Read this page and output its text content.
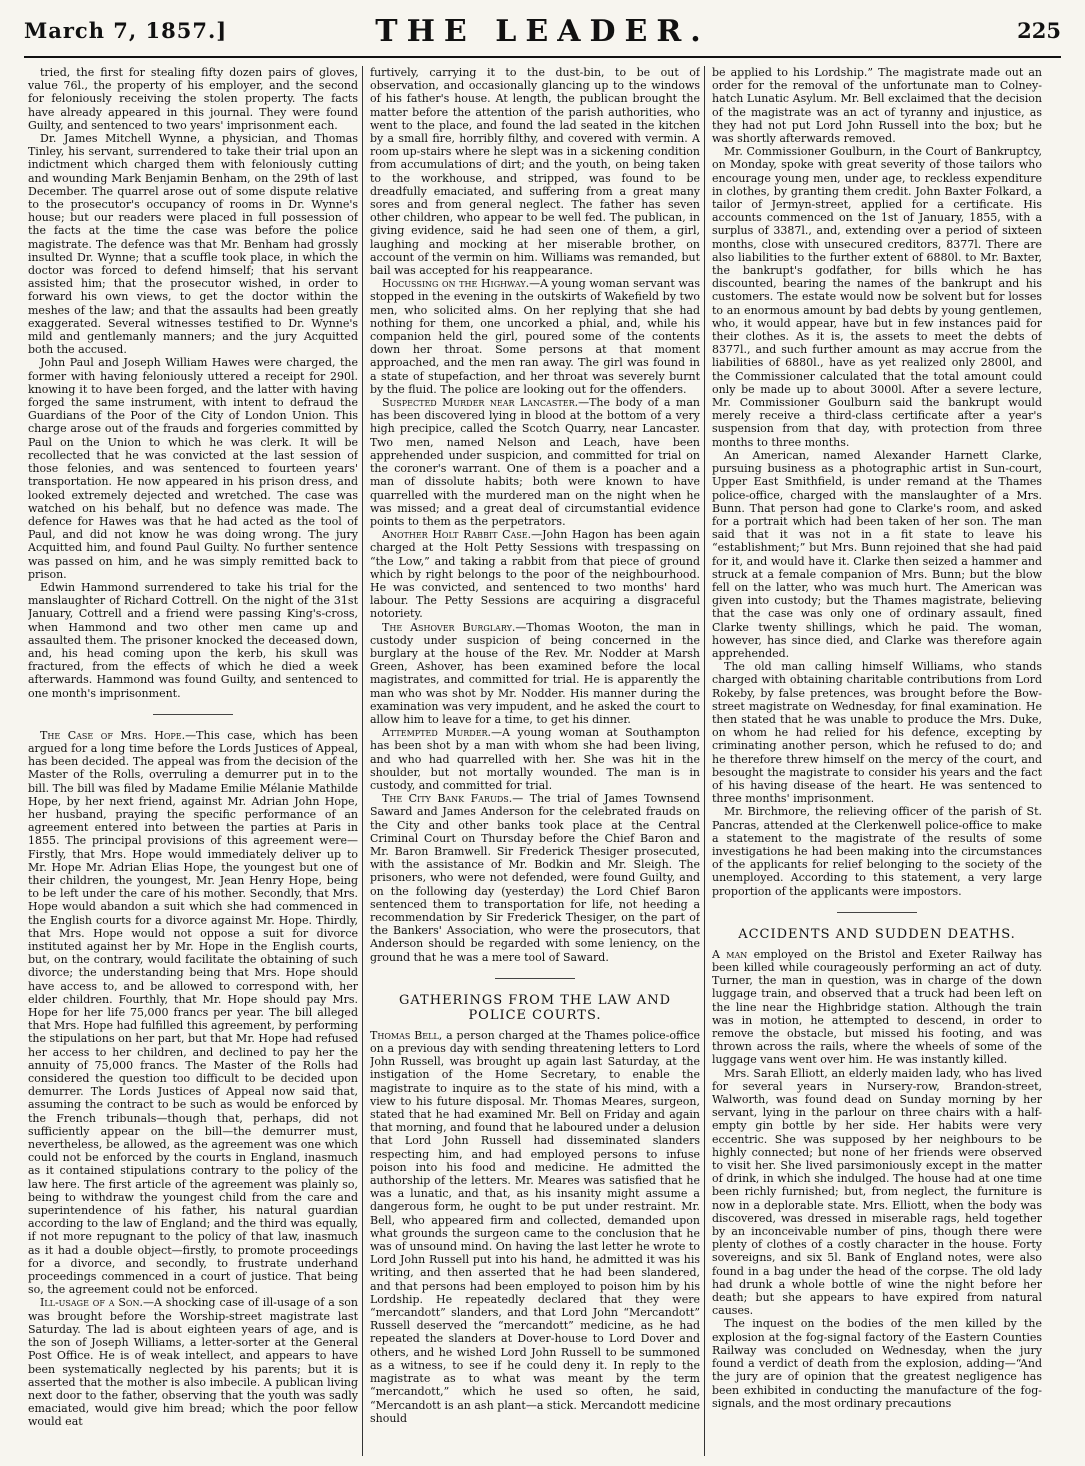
March 7, 1857.]	THE LEADER.	225

tried, the first for stealing fifty dozen pairs of gloves, value 76l., the property of his employer, and the second for feloniously receiving the stolen property. The facts have already appeared in this journal. They were found Guilty, and sentenced to two years' imprisonment each.

Dr. James Mitchell Wynne, a physician, and Thomas Tinley, his servant, surrendered to take their trial upon an indictment which charged them with feloniously cutting and wounding Mark Benjamin Benham, on the 29th of last December. The quarrel arose out of some dispute relative to the prosecutor's occupancy of rooms in Dr. Wynne's house; but our readers were placed in full possession of the facts at the time the case was before the police magistrate. The defence was that Mr. Benham had grossly insulted Dr. Wynne; that a scuffle took place, in which the doctor was forced to defend himself; that his servant assisted him; that the prosecutor wished, in order to forward his own views, to get the doctor within the meshes of the law; and that the assaults had been greatly exaggerated. Several witnesses testified to Dr. Wynne's mild and gentlemanly manners; and the jury Acquitted both the accused.

John Paul and Joseph William Hawes were charged, the former with having feloniously uttered a receipt for 290l. knowing it to have been forged, and the latter with having forged the same instrument, with intent to defraud the Guardians of the Poor of the City of London Union. This charge arose out of the frauds and forgeries committed by Paul on the Union to which he was clerk. It will be recollected that he was convicted at the last session of those felonies, and was sentenced to fourteen years' transportation. He now appeared in his prison dress, and looked extremely dejected and wretched. The case was watched on his behalf, but no defence was made. The defence for Hawes was that he had acted as the tool of Paul, and did not know he was doing wrong. The jury Acquitted him, and found Paul Guilty. No further sentence was passed on him, and he was simply remitted back to prison.

Edwin Hammond surrendered to take his trial for the manslaughter of Richard Cottrell. On the night of the 31st January, Cottrell and a friend were passing King's-cross, when Hammond and two other men came up and assaulted them. The prisoner knocked the deceased down, and, his head coming upon the kerb, his skull was fractured, from the effects of which he died a week afterwards. Hammond was found Guilty, and sentenced to one month's imprisonment.

The Case of Mrs. Hope.—This case, which has been argued for a long time before the Lords Justices of Appeal, has been decided. The appeal was from the decision of the Master of the Rolls, overruling a demurrer put in to the bill. The bill was filed by Madame Emilie Mélanie Mathilde Hope, by her next friend, against Mr. Adrian John Hope, her husband, praying the specific performance of an agreement entered into between the parties at Paris in 1855. The principal provisions of this agreement were—Firstly, that Mrs. Hope would immediately deliver up to Mr. Hope Mr. Adrian Elias Hope, the youngest but one of their children, the youngest, Mr. Jean Henry Hope, being to be left under the care of his mother. Secondly, that Mrs. Hope would abandon a suit which she had commenced in the English courts for a divorce against Mr. Hope. Thirdly, that Mrs. Hope would not oppose a suit for divorce instituted against her by Mr. Hope in the English courts, but, on the contrary, would facilitate the obtaining of such divorce; the understanding being that Mrs. Hope should have access to, and be allowed to correspond with, her elder children. Fourthly, that Mr. Hope should pay Mrs. Hope for her life 75,000 francs per year. The bill alleged that Mrs. Hope had fulfilled this agreement, by performing the stipulations on her part, but that Mr. Hope had refused her access to her children, and declined to pay her the annuity of 75,000 francs. The Master of the Rolls had considered the question too difficult to be decided upon demurrer. The Lords Justices of Appeal now said that, assuming the contract to be such as would be enforced by the French tribunals—though that, perhaps, did not sufficiently appear on the bill—the demurrer must, nevertheless, be allowed, as the agreement was one which could not be enforced by the courts in England, inasmuch as it contained stipulations contrary to the policy of the law here. The first article of the agreement was plainly so, being to withdraw the youngest child from the care and superintendence of his father, his natural guardian according to the law of England; and the third was equally, if not more repugnant to the policy of that law, inasmuch as it had a double object—firstly, to promote proceedings for a divorce, and secondly, to frustrate underhand proceedings commenced in a court of justice. That being so, the agreement could not be enforced.

Ill-usage of a Son.—A shocking case of ill-usage of a son was brought before the Worship-street magistrate last Saturday. The lad is about eighteen years of age, and is the son of Joseph Williams, a letter-sorter at the General Post Office. He is of weak intellect, and appears to have been systematically neglected by his parents; but it is asserted that the mother is also imbecile. A publican living next door to the father, observing that the youth was sadly emaciated, would give him bread; which the poor fellow would eat

furtively, carrying it to the dust-bin, to be out of observation, and occasionally glancing up to the windows of his father's house. At length, the publican brought the matter before the attention of the parish authorities, who went to the place, and found the lad seated in the kitchen by a small fire, horribly filthy, and covered with vermin. A room up-stairs where he slept was in a sickening condition from accumulations of dirt; and the youth, on being taken to the workhouse, and stripped, was found to be dreadfully emaciated, and suffering from a great many sores and from general neglect. The father has seven other children, who appear to be well fed. The publican, in giving evidence, said he had seen one of them, a girl, laughing and mocking at her miserable brother, on account of the vermin on him. Williams was remanded, but bail was accepted for his reappearance.

Hocussing on the Highway.—A young woman servant was stopped in the evening in the outskirts of Wakefield by two men, who solicited alms. On her replying that she had nothing for them, one uncorked a phial, and, while his companion held the girl, poured some of the contents down her throat. Some persons at that moment approached, and the men ran away. The girl was found in a state of stupefaction, and her throat was severely burnt by the fluid. The police are looking out for the offenders.

Suspected Murder near Lancaster.—The body of a man has been discovered lying in blood at the bottom of a very high precipice, called the Scotch Quarry, near Lancaster. Two men, named Nelson and Leach, have been apprehended under suspicion, and committed for trial on the coroner's warrant. One of them is a poacher and a man of dissolute habits; both were known to have quarrelled with the murdered man on the night when he was missed; and a great deal of circumstantial evidence points to them as the perpetrators.

Another Holt Rabbit Case.—John Hagon has been again charged at the Holt Petty Sessions with trespassing on “the Low,” and taking a rabbit from that piece of ground which by right belongs to the poor of the neighbourhood. He was convicted, and sentenced to two months' hard labour. The Petty Sessions are acquiring a disgraceful notoriety.

The Ashover Burglary.—Thomas Wooton, the man in custody under suspicion of being concerned in the burglary at the house of the Rev. Mr. Nodder at Marsh Green, Ashover, has been examined before the local magistrates, and committed for trial. He is apparently the man who was shot by Mr. Nodder. His manner during the examination was very impudent, and he asked the court to allow him to leave for a time, to get his dinner.

Attempted Murder.—A young woman at Southampton has been shot by a man with whom she had been living, and who had quarrelled with her. She was hit in the shoulder, but not mortally wounded. The man is in custody, and committed for trial.

The City Bank Faruds.— The trial of James Townsend Saward and James Anderson for the celebrated frauds on the City and other banks took place at the Central Criminal Court on Thursday before the Chief Baron and Mr. Baron Bramwell. Sir Frederick Thesiger prosecuted, with the assistance of Mr. Bodkin and Mr. Sleigh. The prisoners, who were not defended, were found Guilty, and on the following day (yesterday) the Lord Chief Baron sentenced them to transportation for life, not heeding a recommendation by Sir Frederick Thesiger, on the part of the Bankers' Association, who were the prosecutors, that Anderson should be regarded with some leniency, on the ground that he was a mere tool of Saward.

GATHERINGS FROM THE LAW AND POLICE COURTS.

Thomas Bell, a person charged at the Thames police-office on a previous day with sending threatening letters to Lord John Russell, was brought up again last Saturday, at the instigation of the Home Secretary, to enable the magistrate to inquire as to the state of his mind, with a view to his future disposal. Mr. Thomas Meares, surgeon, stated that he had examined Mr. Bell on Friday and again that morning, and found that he laboured under a delusion that Lord John Russell had disseminated slanders respecting him, and had employed persons to infuse poison into his food and medicine. He admitted the authorship of the letters. Mr. Meares was satisfied that he was a lunatic, and that, as his insanity might assume a dangerous form, he ought to be put under restraint. Mr. Bell, who appeared firm and collected, demanded upon what grounds the surgeon came to the conclusion that he was of unsound mind. On having the last letter he wrote to Lord John Russell put into his hand, he admitted it was his writing, and then asserted that he had been slandered, and that persons had been employed to poison him by his Lordship. He repeatedly declared that they were “mercandott” slanders, and that Lord John “Mercandott” Russell deserved the “mercandott” medicine, as he had repeated the slanders at Dover-house to Lord Dover and others, and he wished Lord John Russell to be summoned as a witness, to see if he could deny it. In reply to the magistrate as to what was meant by the term “mercandott,” which he used so often, he said, “Mercandott is an ash plant—a stick. Mercandott medicine should

be applied to his Lordship.” The magistrate made out an order for the removal of the unfortunate man to Colney-hatch Lunatic Asylum. Mr. Bell exclaimed that the decision of the magistrate was an act of tyranny and injustice, as they had not put Lord John Russell into the box; but he was shortly afterwards removed.

Mr. Commissioner Goulburn, in the Court of Bankruptcy, on Monday, spoke with great severity of those tailors who encourage young men, under age, to reckless expenditure in clothes, by granting them credit. John Baxter Folkard, a tailor of Jermyn-street, applied for a certificate. His accounts commenced on the 1st of January, 1855, with a surplus of 3387l., and, extending over a period of sixteen months, close with unsecured creditors, 8377l. There are also liabilities to the further extent of 6880l. to Mr. Baxter, the bankrupt's godfather, for bills which he has discounted, bearing the names of the bankrupt and his customers. The estate would now be solvent but for losses to an enormous amount by bad debts by young gentlemen, who, it would appear, have but in few instances paid for their clothes. As it is, the assets to meet the debts of 8377l., and such further amount as may accrue from the liabilities of 6880l., have as yet realized only 2800l, and the Commissioner calculated that the total amount could only be made up to about 3000l. After a severe lecture, Mr. Commissioner Goulburn said the bankrupt would merely receive a third-class certificate after a year's suspension from that day, with protection from three months to three months.

An American, named Alexander Harnett Clarke, pursuing business as a photographic artist in Sun-court, Upper East Smithfield, is under remand at the Thames police-office, charged with the manslaughter of a Mrs. Bunn. That person had gone to Clarke's room, and asked for a portrait which had been taken of her son. The man said that it was not in a fit state to leave his “establishment;” but Mrs. Bunn rejoined that she had paid for it, and would have it. Clarke then seized a hammer and struck at a female companion of Mrs. Bunn; but the blow fell on the latter, who was much hurt. The American was given into custody; but the Thames magistrate, believing that the case was only one of ordinary assault, fined Clarke twenty shillings, which he paid. The woman, however, has since died, and Clarke was therefore again apprehended.

The old man calling himself Williams, who stands charged with obtaining charitable contributions from Lord Rokeby, by false pretences, was brought before the Bow-street magistrate on Wednesday, for final examination. He then stated that he was unable to produce the Mrs. Duke, on whom he had relied for his defence, excepting by criminating another person, which he refused to do; and he therefore threw himself on the mercy of the court, and besought the magistrate to consider his years and the fact of his having disease of the heart. He was sentenced to three months' imprisonment.

Mr. Birchmore, the relieving officer of the parish of St. Pancras, attended at the Clerkenwell police-office to make a statement to the magistrate of the results of some investigations he had been making into the circumstances of the applicants for relief belonging to the society of the unemployed. According to this statement, a very large proportion of the applicants were impostors.

ACCIDENTS AND SUDDEN DEATHS.

A man employed on the Bristol and Exeter Railway has been killed while courageously performing an act of duty. Turner, the man in question, was in charge of the down luggage train, and observed that a truck had been left on the line near the Highbridge station. Although the train was in motion, he attempted to descend, in order to remove the obstacle, but missed his footing, and was thrown across the rails, where the wheels of some of the luggage vans went over him. He was instantly killed.

Mrs. Sarah Elliott, an elderly maiden lady, who has lived for several years in Nursery-row, Brandon-street, Walworth, was found dead on Sunday morning by her servant, lying in the parlour on three chairs with a half-empty gin bottle by her side. Her habits were very eccentric. She was supposed by her neighbours to be highly connected; but none of her friends were observed to visit her. She lived parsimoniously except in the matter of drink, in which she indulged. The house had at one time been richly furnished; but, from neglect, the furniture is now in a deplorable state. Mrs. Elliott, when the body was discovered, was dressed in miserable rags, held together by an inconceivable number of pins, though there were plenty of clothes of a costly character in the house. Forty sovereigns, and six 5l. Bank of England notes, were also found in a bag under the head of the corpse. The old lady had drunk a whole bottle of wine the night before her death; but she appears to have expired from natural causes.

The inquest on the bodies of the men killed by the explosion at the fog-signal factory of the Eastern Counties Railway was concluded on Wednesday, when the jury found a verdict of death from the explosion, adding—“And the jury are of opinion that the greatest negligence has been exhibited in conducting the manufacture of the fog-signals, and the most ordinary precautions
